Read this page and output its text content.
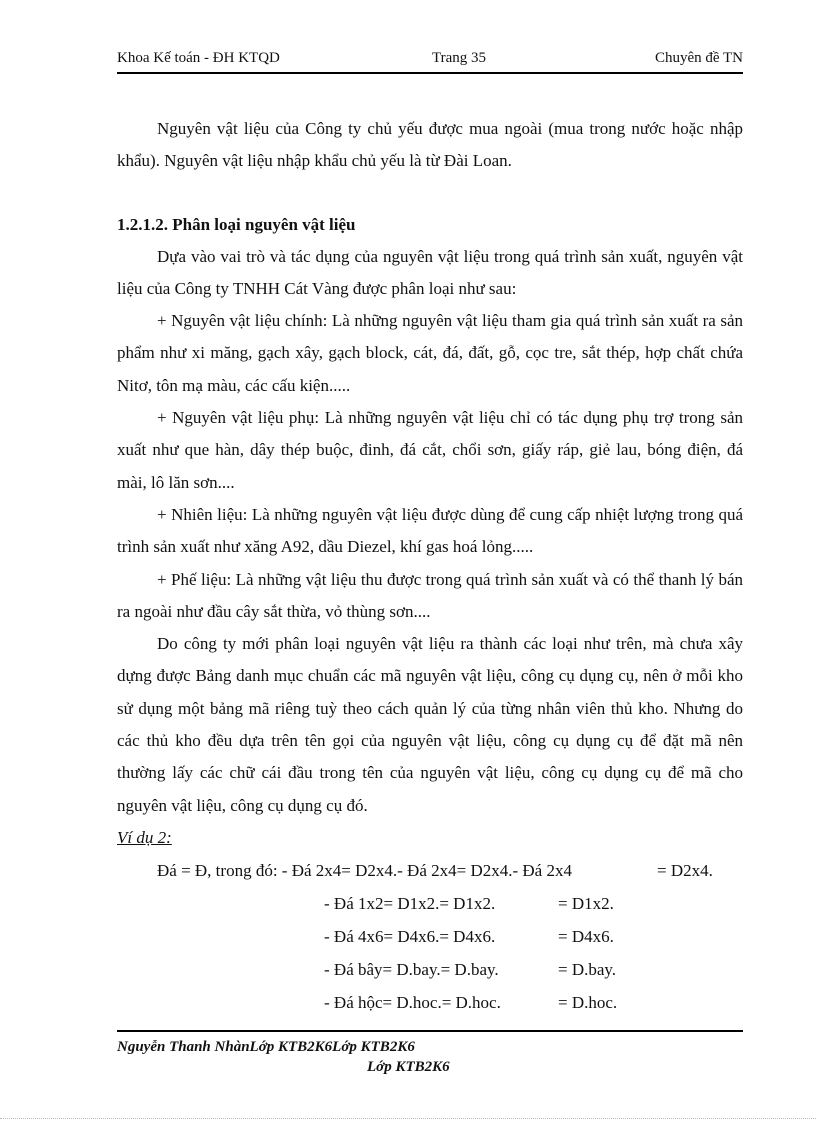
Khoa Kế toán - ĐH KTQD	Trang 35	Chuyên đề TN

Nguyên vật liệu của Công ty chủ yếu được mua ngoài (mua trong nước hoặc nhập khẩu). Nguyên vật liệu nhập khẩu chủ yếu là từ Đài Loan.

1.2.1.2. Phân loại nguyên vật liệu

Dựa vào vai trò và tác dụng của nguyên vật liệu trong quá trình sản xuất, nguyên vật liệu của Công ty TNHH Cát Vàng được phân loại như sau:

+ Nguyên vật liệu chính: Là những nguyên vật liệu tham gia quá trình sản xuất ra sản phẩm như xi măng, gạch xây, gạch block, cát, đá, đất, gỗ, cọc tre, sắt thép, hợp chất chứa Nitơ, tôn mạ màu, các cấu kiện.....

+ Nguyên vật liệu phụ: Là những nguyên vật liệu chỉ có tác dụng phụ trợ trong sản xuất như que hàn, dây thép buộc, đinh, đá cắt, chổi sơn, giấy ráp, giẻ lau, bóng điện, đá mài, lô lăn sơn....

+ Nhiên liệu: Là những nguyên vật liệu được dùng để cung cấp nhiệt lượng trong quá trình sản xuất như xăng A92, dầu Diezel, khí gas hoá lỏng.....

+ Phế liệu: Là những vật liệu thu được trong quá trình sản xuất và có thể thanh lý bán ra ngoài như đầu cây sắt thừa, vỏ thùng sơn....

Do công ty mới phân loại nguyên vật liệu ra thành các loại như trên, mà chưa xây dựng được Bảng danh mục chuẩn các mã nguyên vật liệu, công cụ dụng cụ, nên ở mỗi kho sử dụng một bảng mã riêng tuỳ theo cách quản lý của từng nhân viên thủ kho. Nhưng do các thủ kho đều dựa trên tên gọi của nguyên vật liệu, công cụ dụng cụ để đặt mã nên thường lấy các chữ cái đầu trong tên của nguyên vật liệu, công cụ dụng cụ để mã cho nguyên vật liệu, công cụ dụng cụ đó.

Ví dụ 2:

Đá = Đ, trong đó: - Đá 2x4= D2x4.- Đá 2x4= D2x4.- Đá 2x4	= D2x4.
- Đá 1x2= D1x2.= D1x2.	= D1x2.
- Đá 4x6= D4x6.= D4x6.	= D4x6.
- Đá bây= D.bay.= D.bay.	= D.bay.
- Đá hộc= D.hoc.= D.hoc.	= D.hoc.
Nguyễn Thanh NhànLớp KTB2K6Lớp KTB2K6
Lớp KTB2K6
